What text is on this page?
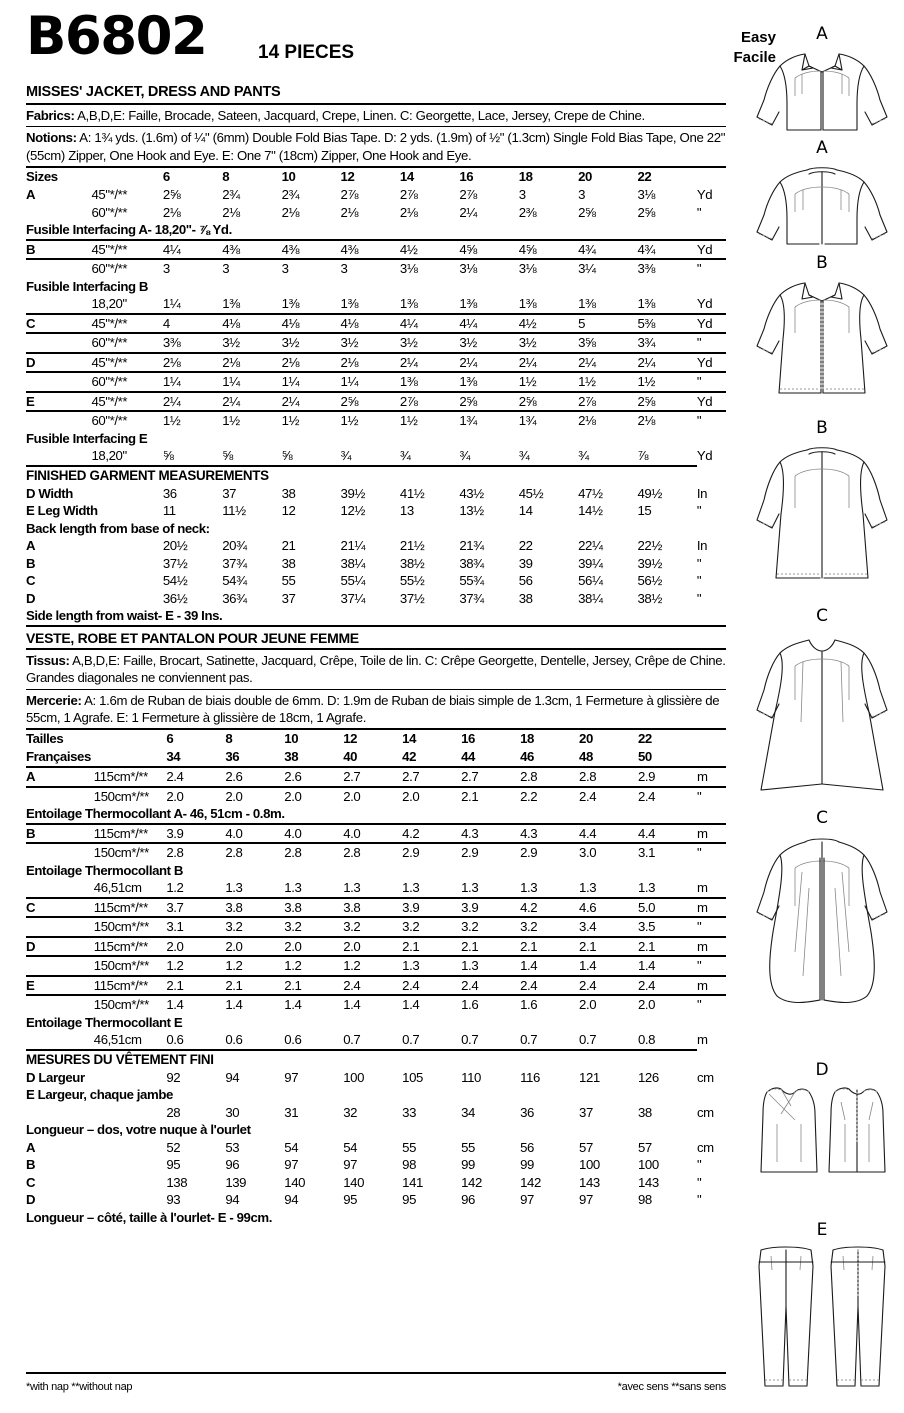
B6802	14 PIECES
Easy
Facile
MISSES' JACKET, DRESS AND PANTS
Fabrics: A,B,D,E: Faille, Brocade, Sateen, Jacquard, Crepe, Linen. C: Georgette, Lace, Jersey, Crepe de Chine.
Notions: A: 1¾ yds. (1.6m) of ¼" (6mm) Double Fold Bias Tape. D: 2 yds. (1.9m) of ½" (1.3cm) Single Fold Bias Tape, One 22" (55cm) Zipper, One Hook and Eye. E: One 7" (18cm) Zipper, One Hook and Eye.
Sizes		6	8	10	12	14	16	18	20	22	
A	45"*/**	2⅝	2¾	2¾	2⅞	2⅞	2⅞	3	3	3⅛	Yd
	60"*/**	2⅛	2⅛	2⅛	2⅛	2⅛	2¼	2⅜	2⅝	2⅝	"
Fusible Interfacing A- 18,20"- ⅞ Yd.											
B	45"*/**	4¼	4⅜	4⅜	4⅜	4½	4⅝	4⅝	4¾	4¾	Yd
	60"*/**	3	3	3	3	3⅛	3⅛	3⅛	3¼	3⅜	"
Fusible Interfacing B											
	18,20"	1¼	1⅜	1⅜	1⅜	1⅜	1⅜	1⅜	1⅜	1⅜	Yd
C	45"*/**	4	4⅛	4⅛	4⅛	4¼	4¼	4½	5	5⅜	Yd
	60"*/**	3⅜	3½	3½	3½	3½	3½	3½	3⅝	3¾	"
D	45"*/**	2⅛	2⅛	2⅛	2⅛	2¼	2¼	2¼	2¼	2¼	Yd
	60"*/**	1¼	1¼	1¼	1¼	1⅜	1⅜	1½	1½	1½	"
E	45"*/**	2¼	2¼	2¼	2⅝	2⅞	2⅝	2⅝	2⅞	2⅝	Yd
	60"*/**	1½	1½	1½	1½	1½	1¾	1¾	2⅛	2⅛	"
Fusible Interfacing E											
	18,20"	⅝	⅝	⅝	¾	¾	¾	¾	¾	⅞	Yd
FINISHED GARMENT MEASUREMENTS											
D Width		36	37	38	39½	41½	43½	45½	47½	49½	In
E Leg Width		11	11½	12	12½	13	13½	14	14½	15	"
Back length from base of neck:											
A		20½	20¾	21	21¼	21½	21¾	22	22¼	22½	In
B		37½	37¾	38	38¼	38½	38¾	39	39¼	39½	"
C		54½	54¾	55	55¼	55½	55¾	56	56¼	56½	"
D		36½	36¾	37	37¼	37½	37¾	38	38¼	38½	"
Side length from waist- E - 39 Ins.											
VESTE, ROBE ET PANTALON POUR JEUNE FEMME
Tissus: A,B,D,E: Faille, Brocart, Satinette, Jacquard, Crêpe, Toile de lin. C: Crêpe Georgette, Dentelle, Jersey, Crêpe de Chine. Grandes diagonales ne conviennent pas.
Mercerie: A: 1.6m de Ruban de biais double de 6mm. D: 1.9m de Ruban de biais simple de 1.3cm, 1 Fermeture à glissière de 55cm, 1 Agrafe. E: 1 Fermeture à glissière de 18cm, 1 Agrafe.
Tailles		6	8	10	12	14	16	18	20	22	
Françaises		34	36	38	40	42	44	46	48	50	
A	115cm*/**	2.4	2.6	2.6	2.7	2.7	2.7	2.8	2.8	2.9	m
	150cm*/**	2.0	2.0	2.0	2.0	2.0	2.1	2.2	2.4	2.4	"
Entoilage Thermocollant A- 46, 51cm - 0.8m.											
B	115cm*/**	3.9	4.0	4.0	4.0	4.2	4.3	4.3	4.4	4.4	m
	150cm*/**	2.8	2.8	2.8	2.8	2.9	2.9	2.9	3.0	3.1	"
Entoilage Thermocollant B											
	46,51cm	1.2	1.3	1.3	1.3	1.3	1.3	1.3	1.3	1.3	m
C	115cm*/**	3.7	3.8	3.8	3.8	3.9	3.9	4.2	4.6	5.0	m
	150cm*/**	3.1	3.2	3.2	3.2	3.2	3.2	3.2	3.4	3.5	"
D	115cm*/**	2.0	2.0	2.0	2.0	2.1	2.1	2.1	2.1	2.1	m
	150cm*/**	1.2	1.2	1.2	1.2	1.3	1.3	1.4	1.4	1.4	"
E	115cm*/**	2.1	2.1	2.1	2.4	2.4	2.4	2.4	2.4	2.4	m
	150cm*/**	1.4	1.4	1.4	1.4	1.4	1.6	1.6	2.0	2.0	"
Entoilage Thermocollant E											
	46,51cm	0.6	0.6	0.6	0.7	0.7	0.7	0.7	0.7	0.8	m
MESURES DU VÊTEMENT FINI											
D Largeur		92	94	97	100	105	110	116	121	126	cm
E Largeur, chaque jambe											
		28	30	31	32	33	34	36	37	38	cm
Longueur – dos, votre nuque à l'ourlet											
A		52	53	54	54	55	55	56	57	57	cm
B		95	96	97	97	98	99	99	100	100	"
C		138	139	140	140	141	142	142	143	143	"
D		93	94	94	95	95	96	97	97	98	"
Longueur – côté, taille à l'ourlet- E - 99cm.											
*with nap **without nap	*avec sens **sans sens
A
A
B
B
C
C
D
E
